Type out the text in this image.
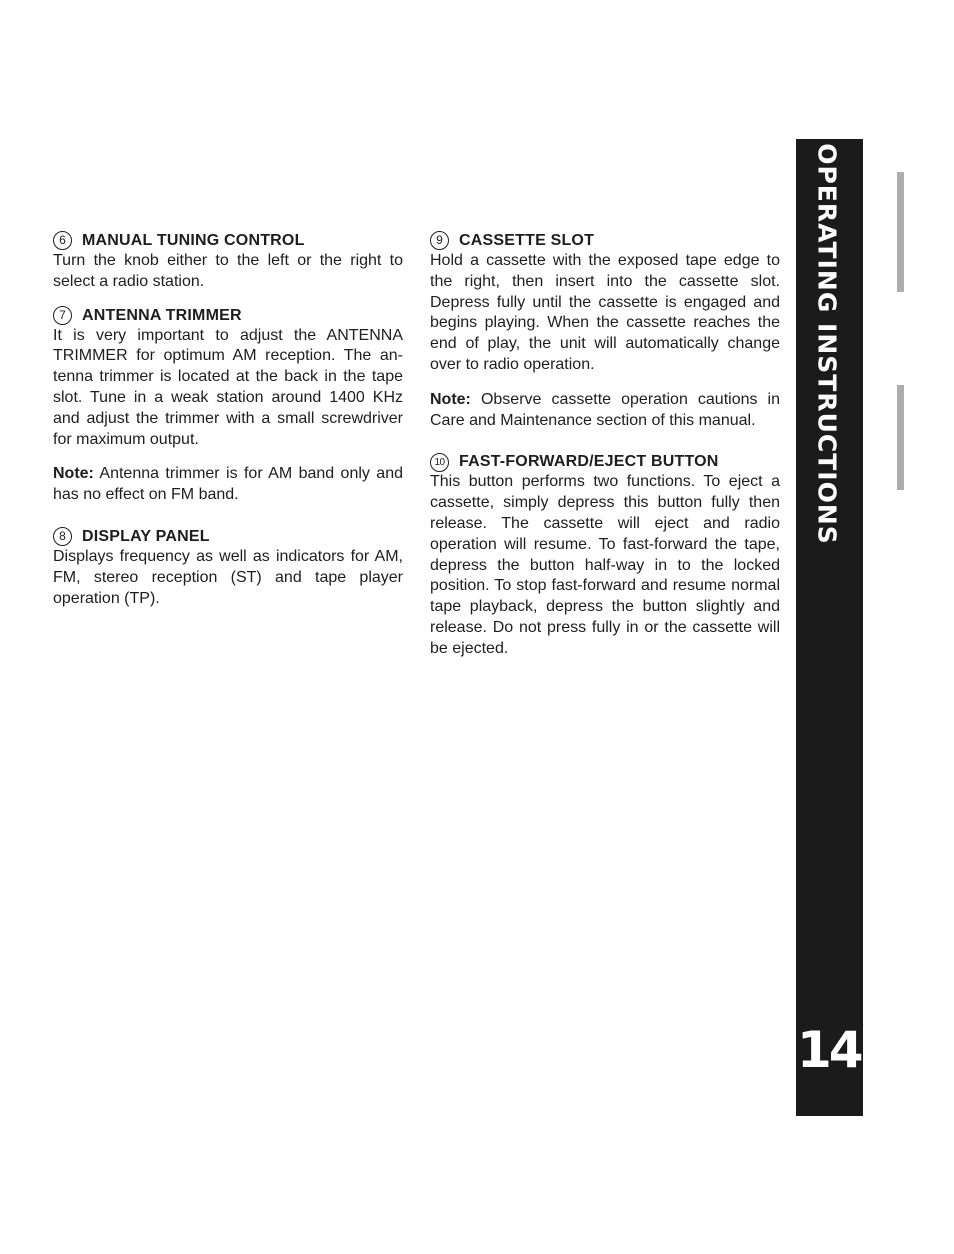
6 MANUAL TUNING CONTROL

Turn the knob either to the left or the right to select a radio station.

7 ANTENNA TRIMMER

It is very important to adjust the ANTENNA TRIMMER for optimum AM reception. The antenna trimmer is located at the back in the tape slot. Tune in a weak station around 1400 KHz and adjust the trimmer with a small screwdriver for maximum output.

Note: Antenna trimmer is for AM band only and has no effect on FM band.

8 DISPLAY PANEL

Displays frequency as well as indicators for AM, FM, stereo reception (ST) and tape player operation (TP).

9 CASSETTE SLOT

Hold a cassette with the exposed tape edge to the right, then insert into the cassette slot. Depress fully until the cassette is engaged and begins playing. When the cassette reaches the end of play, the unit will automatically change over to radio operation.

Note: Observe cassette operation cautions in Care and Maintenance section of this manual.

10 FAST-FORWARD/EJECT BUTTON

This button performs two functions. To eject a cassette, simply depress this button fully then release. The cassette will eject and radio operation will resume. To fast-forward the tape, depress the button half-way in to the locked position. To stop fast-forward and resume normal tape playback, depress the button slightly and release. Do not press fully in or the cassette will be ejected.

OPERATING INSTRUCTIONS
14
